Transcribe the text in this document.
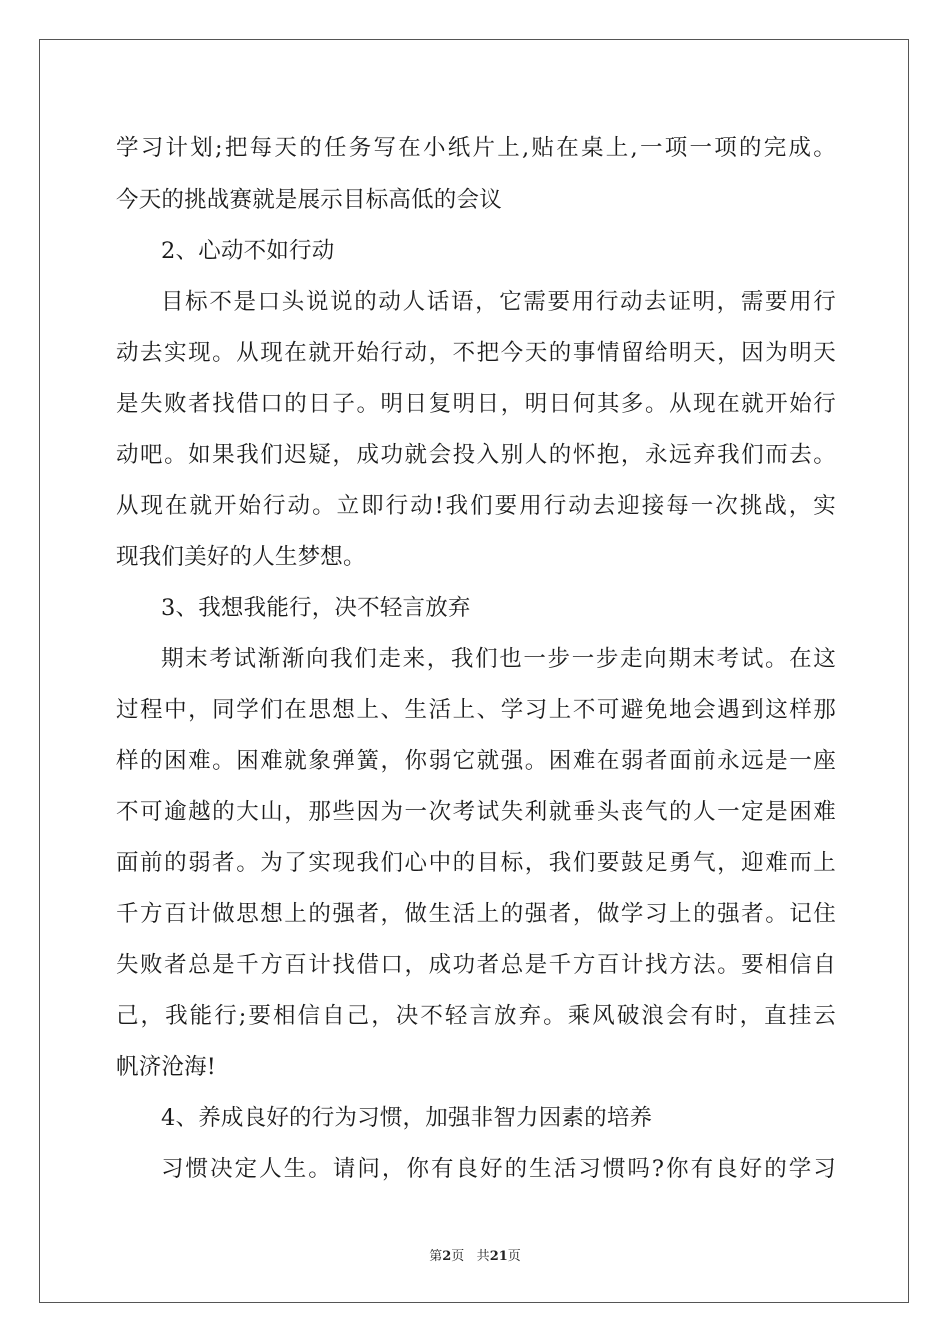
学习计划;把每天的任务写在小纸片上,贴在桌上,一项一项的完成。
今天的挑战赛就是展示目标高低的会议
2、心动不如行动
目标不是口头说说的动人话语，它需要用行动去证明，需要用行
动去实现。从现在就开始行动，不把今天的事情留给明天，因为明天
是失败者找借口的日子。明日复明日，明日何其多。从现在就开始行
动吧。如果我们迟疑，成功就会投入别人的怀抱，永远弃我们而去。
从现在就开始行动。立即行动!我们要用行动去迎接每一次挑战，实
现我们美好的人生梦想。
3、我想我能行，决不轻言放弃
期末考试渐渐向我们走来，我们也一步一步走向期末考试。在这
过程中，同学们在思想上、生活上、学习上不可避免地会遇到这样那
样的困难。困难就象弹簧，你弱它就强。困难在弱者面前永远是一座
不可逾越的大山，那些因为一次考试失利就垂头丧气的人一定是困难
面前的弱者。为了实现我们心中的目标，我们要鼓足勇气，迎难而上
千方百计做思想上的强者，做生活上的强者，做学习上的强者。记住
失败者总是千方百计找借口，成功者总是千方百计找方法。要相信自
己，我能行;要相信自己，决不轻言放弃。乘风破浪会有时，直挂云
帆济沧海!
4、养成良好的行为习惯，加强非智力因素的培养
习惯决定人生。请问，你有良好的生活习惯吗?你有良好的学习
第2页 共21页
